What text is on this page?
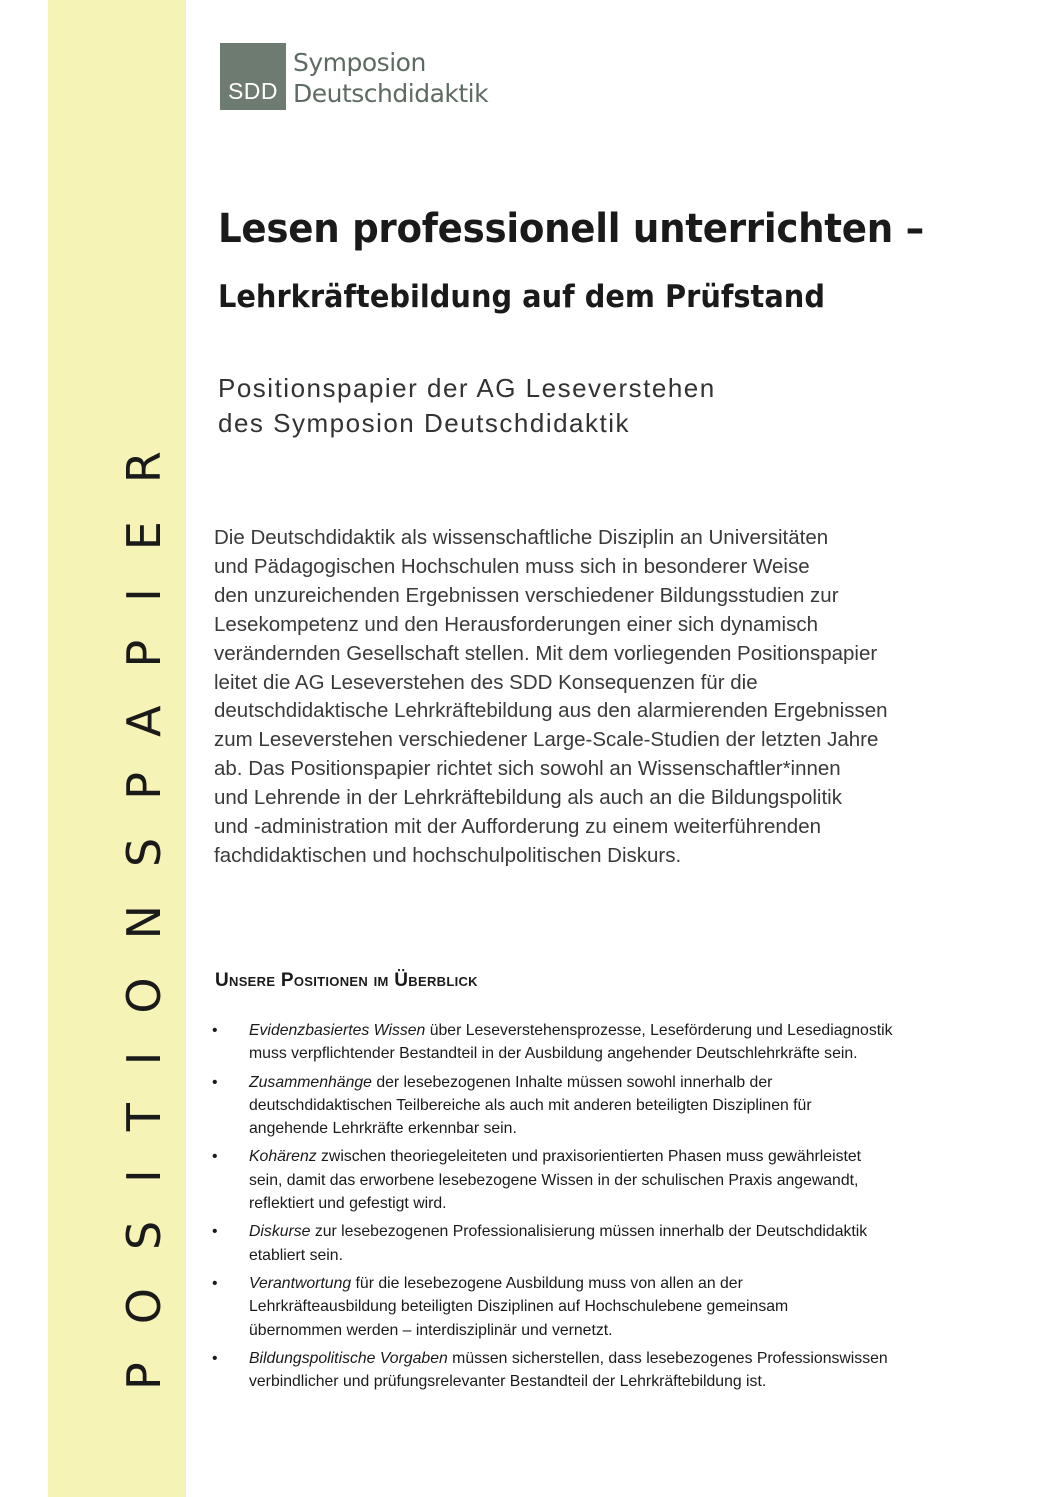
POSITIONSPAPIER
SDD
Symposion
Deutschdidaktik
Lesen professionell unterrichten –
Lehrkräftebildung auf dem Prüfstand

Positionspapier der AG Leseverstehen
des Symposion Deutschdidaktik

Die Deutschdidaktik als wissenschaftliche Disziplin an Universitäten
und Pädagogischen Hochschulen muss sich in besonderer Weise
den unzureichenden Ergebnissen verschiedener Bildungsstudien zur
Lesekompetenz und den Herausforderungen einer sich dynamisch
verändernden Gesellschaft stellen. Mit dem vorliegenden Positionspapier
leitet die AG Leseverstehen des SDD Konsequenzen für die
deutschdidaktische Lehrkräftebildung aus den alarmierenden Ergebnissen
zum Leseverstehen verschiedener Large-Scale-Studien der letzten Jahre
ab. Das Positionspapier richtet sich sowohl an Wissenschaftler*innen
und Lehrende in der Lehrkräftebildung als auch an die Bildungspolitik
und -administration mit der Aufforderung zu einem weiterführenden
fachdidaktischen und hochschulpolitischen Diskurs.

Unsere Positionen im Überblick
• Evidenzbasiertes Wissen über Leseverstehensprozesse, Leseförderung und Lesediagnostik
muss verpflichtender Bestandteil in der Ausbildung angehender Deutschlehrkräfte sein.
• Zusammenhänge der lesebezogenen Inhalte müssen sowohl innerhalb der
deutschdidaktischen Teilbereiche als auch mit anderen beteiligten Disziplinen für
angehende Lehrkräfte erkennbar sein.
• Kohärenz zwischen theoriegeleiteten und praxisorientierten Phasen muss gewährleistet
sein, damit das erworbene lesebezogene Wissen in der schulischen Praxis angewandt,
reflektiert und gefestigt wird.
• Diskurse zur lesebezogenen Professionalisierung müssen innerhalb der Deutschdidaktik
etabliert sein.
• Verantwortung für die lesebezogene Ausbildung muss von allen an der
Lehrkräfteausbildung beteiligten Disziplinen auf Hochschulebene gemeinsam
übernommen werden – interdisziplinär und vernetzt.
• Bildungspolitische Vorgaben müssen sicherstellen, dass lesebezogenes Professionswissen
verbindlicher und prüfungsrelevanter Bestandteil der Lehrkräftebildung ist.
